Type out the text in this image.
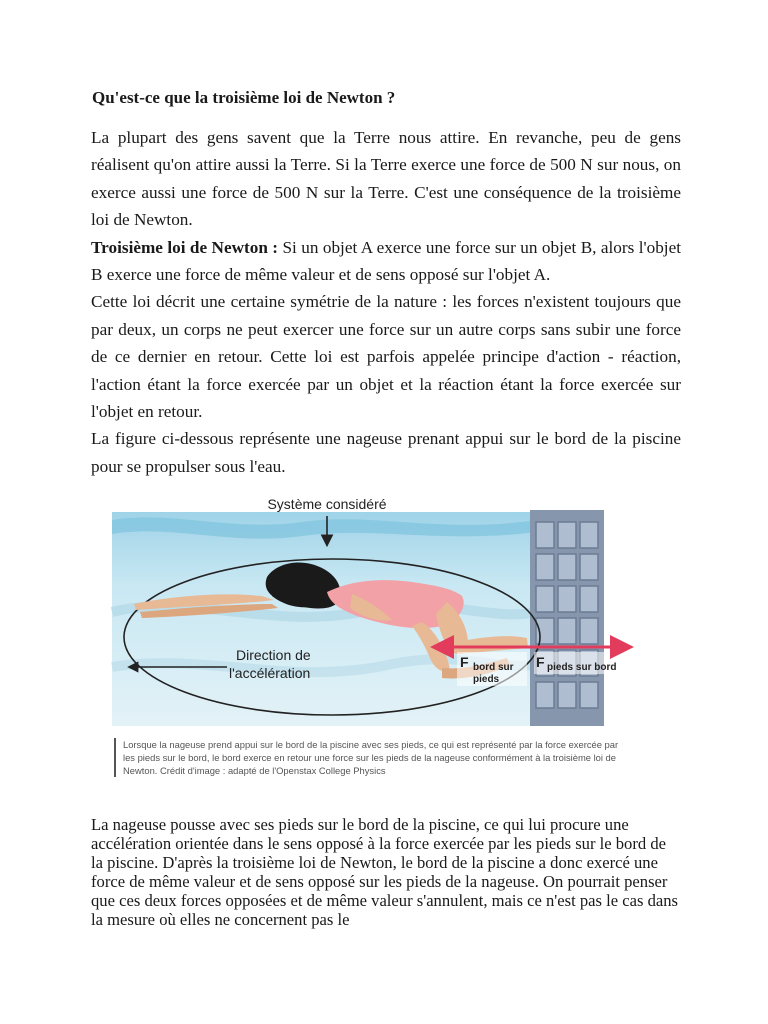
Qu'est-ce que la troisième loi de Newton ?
La plupart des gens savent que la Terre nous attire. En revanche, peu de gens réalisent qu'on attire aussi la Terre. Si la Terre exerce une force de 500 N sur nous, on exerce aussi une force de 500 N sur la Terre. C'est une conséquence de la troisième loi de Newton.
Troisième loi de Newton : Si un objet A exerce une force sur un objet B, alors l'objet B exerce une force de même valeur et de sens opposé sur l'objet A.
Cette loi décrit une certaine symétrie de la nature : les forces n'existent toujours que par deux, un corps ne peut exercer une force sur un autre corps sans subir une force de ce dernier en retour. Cette loi est parfois appelée principe d'action - réaction, l'action étant la force exercée par un objet et la réaction étant la force exercée sur l'objet en retour.
La figure ci-dessous représente une nageuse prenant appui sur le bord de la piscine pour se propulser sous l'eau.
Système considéré
Direction de
l'accélération
F bord sur
pieds
F pieds sur bord
Lorsque la nageuse prend appui sur le bord de la piscine avec ses pieds, ce qui est représenté par la force exercée par les pieds sur le bord, le bord exerce en retour une force sur les pieds de la nageuse conformément à la troisième loi de Newton. Crédit d'image : adapté de l'Openstax College Physics
La nageuse pousse avec ses pieds sur le bord de la piscine, ce qui lui procure une accélération orientée dans le sens opposé à la force exercée par les pieds sur le bord de la piscine. D'après la troisième loi de Newton, le bord de la piscine a donc exercé une force de même valeur et de sens opposé sur les pieds de la nageuse. On pourrait penser que ces deux forces opposées et de même valeur s'annulent, mais ce n'est pas le cas dans la mesure où elles ne concernent pas le
